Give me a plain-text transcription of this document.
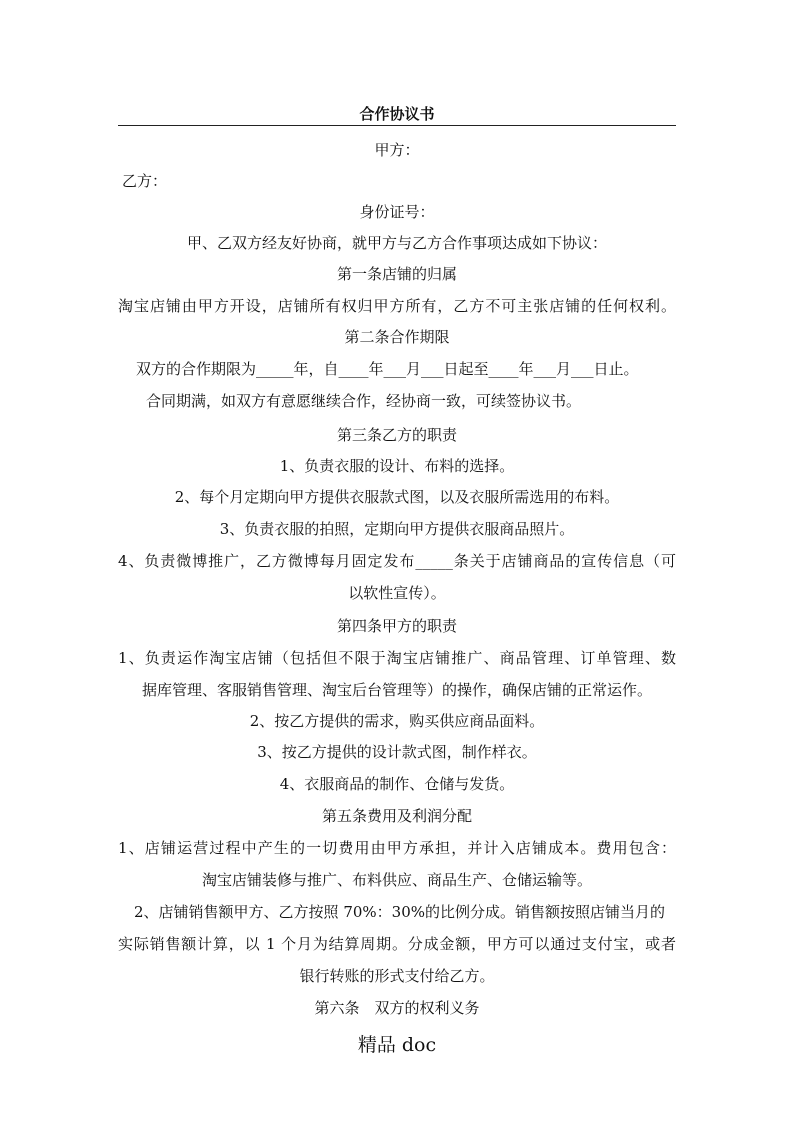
合作协议书
甲方：
乙方：
身份证号：
甲、乙双方经友好协商，就甲方与乙方合作事项达成如下协议：
第一条店铺的归属
淘宝店铺由甲方开设，店铺所有权归甲方所有，乙方不可主张店铺的任何权利。
第二条合作期限
双方的合作期限为_____年，自____年___月___日起至____年___月___日止。
合同期满，如双方有意愿继续合作，经协商一致，可续签协议书。
第三条乙方的职责
1、负责衣服的设计、布料的选择。
2、每个月定期向甲方提供衣服款式图，以及衣服所需选用的布料。
3、负责衣服的拍照，定期向甲方提供衣服商品照片。
4、负责微博推广，乙方微博每月固定发布_____条关于店铺商品的宣传信息（可
以软性宣传）。
第四条甲方的职责
1、负责运作淘宝店铺（包括但不限于淘宝店铺推广、商品管理、订单管理、数
据库管理、客服销售管理、淘宝后台管理等）的操作，确保店铺的正常运作。
2、按乙方提供的需求，购买供应商品面料。
3、按乙方提供的设计款式图，制作样衣。
4、衣服商品的制作、仓储与发货。
第五条费用及利润分配
1、店铺运营过程中产生的一切费用由甲方承担，并计入店铺成本。费用包含：
淘宝店铺装修与推广、布料供应、商品生产、仓储运输等。
2、店铺销售额甲方、乙方按照 70%：30%的比例分成。销售额按照店铺当月的
实际销售额计算，以 1 个月为结算周期。分成金额，甲方可以通过支付宝，或者
银行转账的形式支付给乙方。
第六条　双方的权利义务
精品 doc
